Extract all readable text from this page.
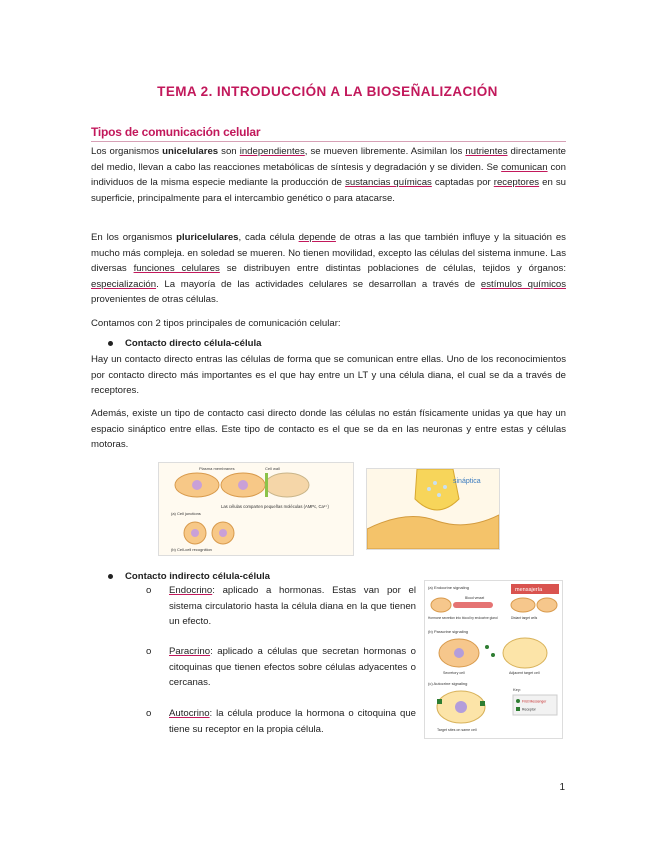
TEMA 2. INTRODUCCIÓN A LA BIOSEÑALIZACIÓN
Tipos de comunicación celular

Los organismos unicelulares son independientes, se mueven libremente. Asimilan los nutrientes directamente del medio, llevan a cabo las reacciones metabólicas de síntesis y degradación y se dividen. Se comunican con individuos de la misma especie mediante la producción de sustancias químicas captadas por receptores en su superficie, principalmente para el intercambio genético o para atacarse.

En los organismos pluricelulares, cada célula depende de otras a las que también influye y la situación es mucho más compleja. en soledad se mueren. No tienen movilidad, excepto las células del sistema inmune. Las diversas funciones celulares se distribuyen entre distintas poblaciones de células, tejidos y órganos: especialización. La mayoría de las actividades celulares se desarrollan a través de estímulos químicos provenientes de otras células.

Contamos con 2 tipos principales de comunicación celular:

Contacto directo célula-célula

Hay un contacto directo entras las células de forma que se comunican entre ellas. Uno de los reconocimientos por contacto directo más importantes es el que hay entre un LT y una célula diana, el cual se da a través de receptores.

Además, existe un tipo de contacto casi directo donde las células no están físicamente unidas ya que hay un espacio sináptico entre ellas. Este tipo de contacto es el que se da en las neuronas y entre estas y células motoras.

Plasma membranes	Cell wall
Las células comparten pequeñas moléculas (AMPc, Ca²⁺)
(a) Cell junctions
(b) Cell-cell recognition
sináptica
Contacto indirecto célula-célula
o Endocrino: aplicado a hormonas. Estas van por el sistema circulatorio hasta la célula diana en la que tienen un efecto.
o Paracrino: aplicado a células que secretan hormonas o citoquinas que tienen efectos sobre células adyacentes o cercanas.
o Autocrino: la célula produce la hormona o citoquina que tiene su receptor en la propia célula.
(a) Endocrine signaling	mensajería
Blood vessel
Hormone secretion into blood by endocrine gland	Distant target cells
(b) Paracrine signaling
Secretory cell	Adjacent target cell
(c) Autocrine signaling
Key:
First Messenger
Receptor
Target sites on same cell
1
